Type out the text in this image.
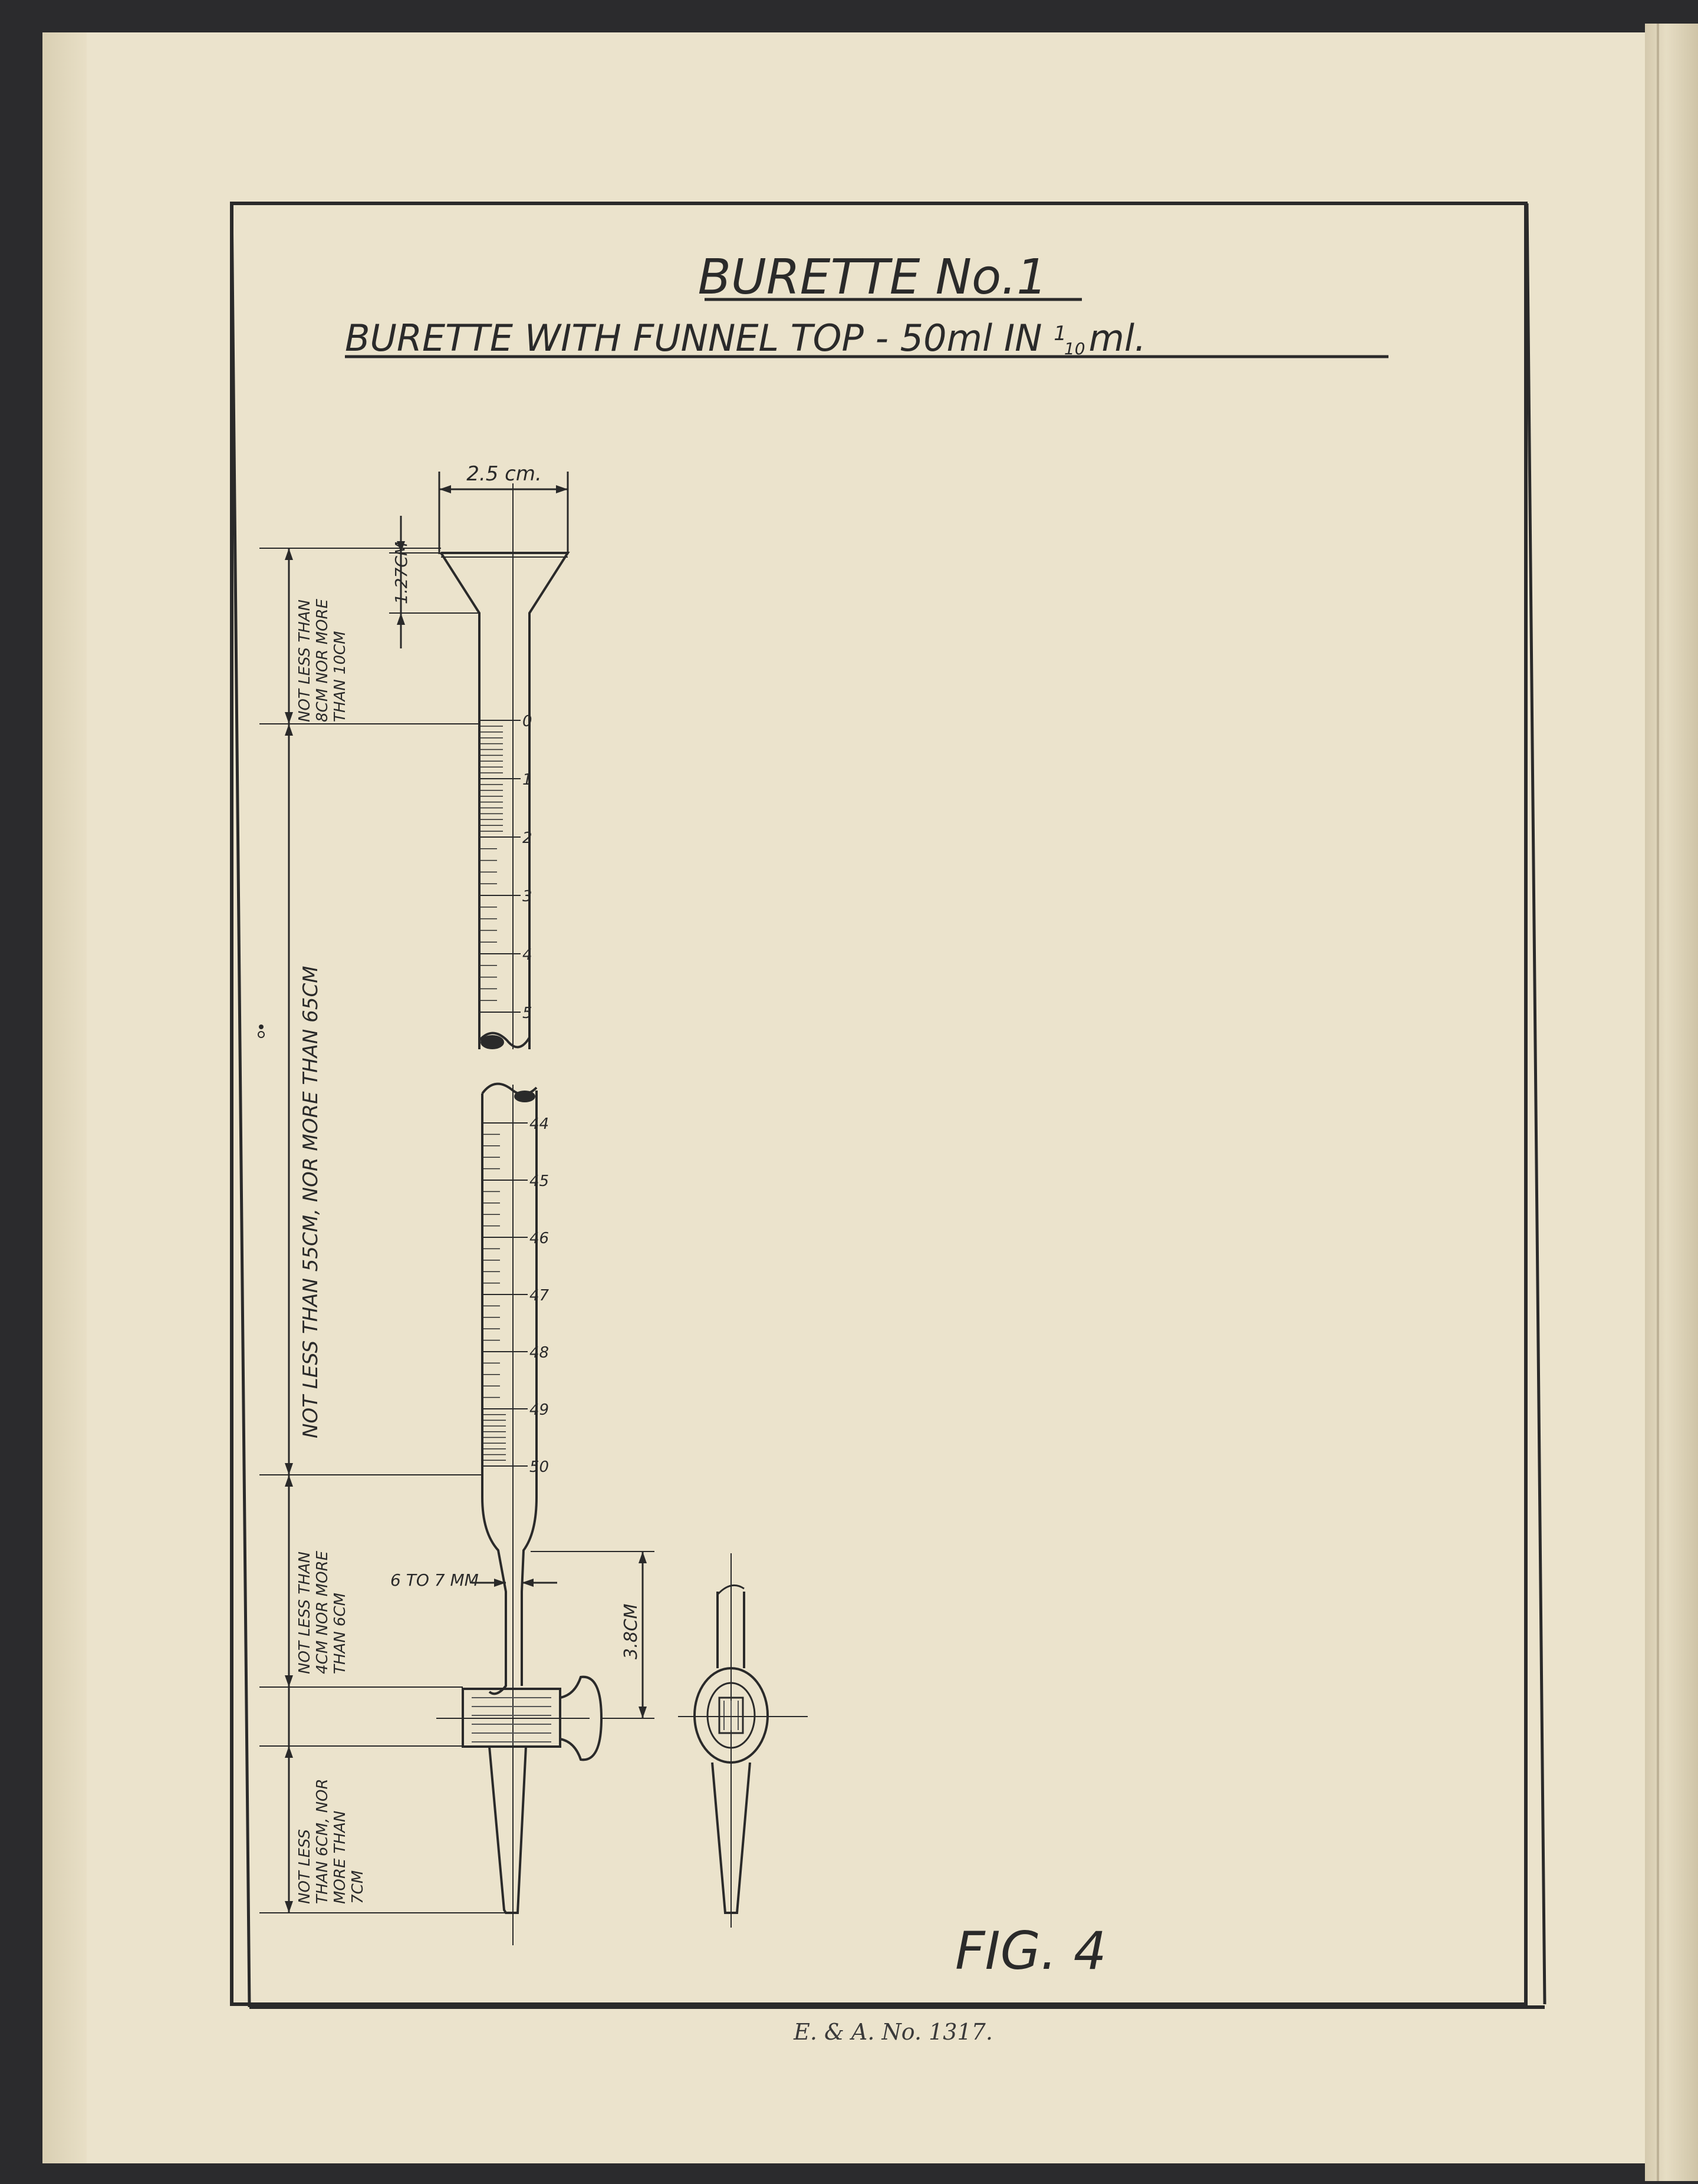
BURETTE No.1
BURETTE WITH FUNNEL TOP - 50ml IN $^1$ 10ml.
2.5 cm.
1.27CM
0
1
2
3
4
5
44
45
46
47
48
49
50
6 TO 7 MM
3.8CM
NOT LESS THAN 8CM NOR MORE THAN 10CM
NOT LESS THAN 55CM, NOR MORE THAN 65CM
NOT LESS THAN 4CM NOR MORE THAN 6CM
NOT LESS THAN 6CM, NOR MORE THAN 7CM
FIG. 4
E. & A. No. 1317.
